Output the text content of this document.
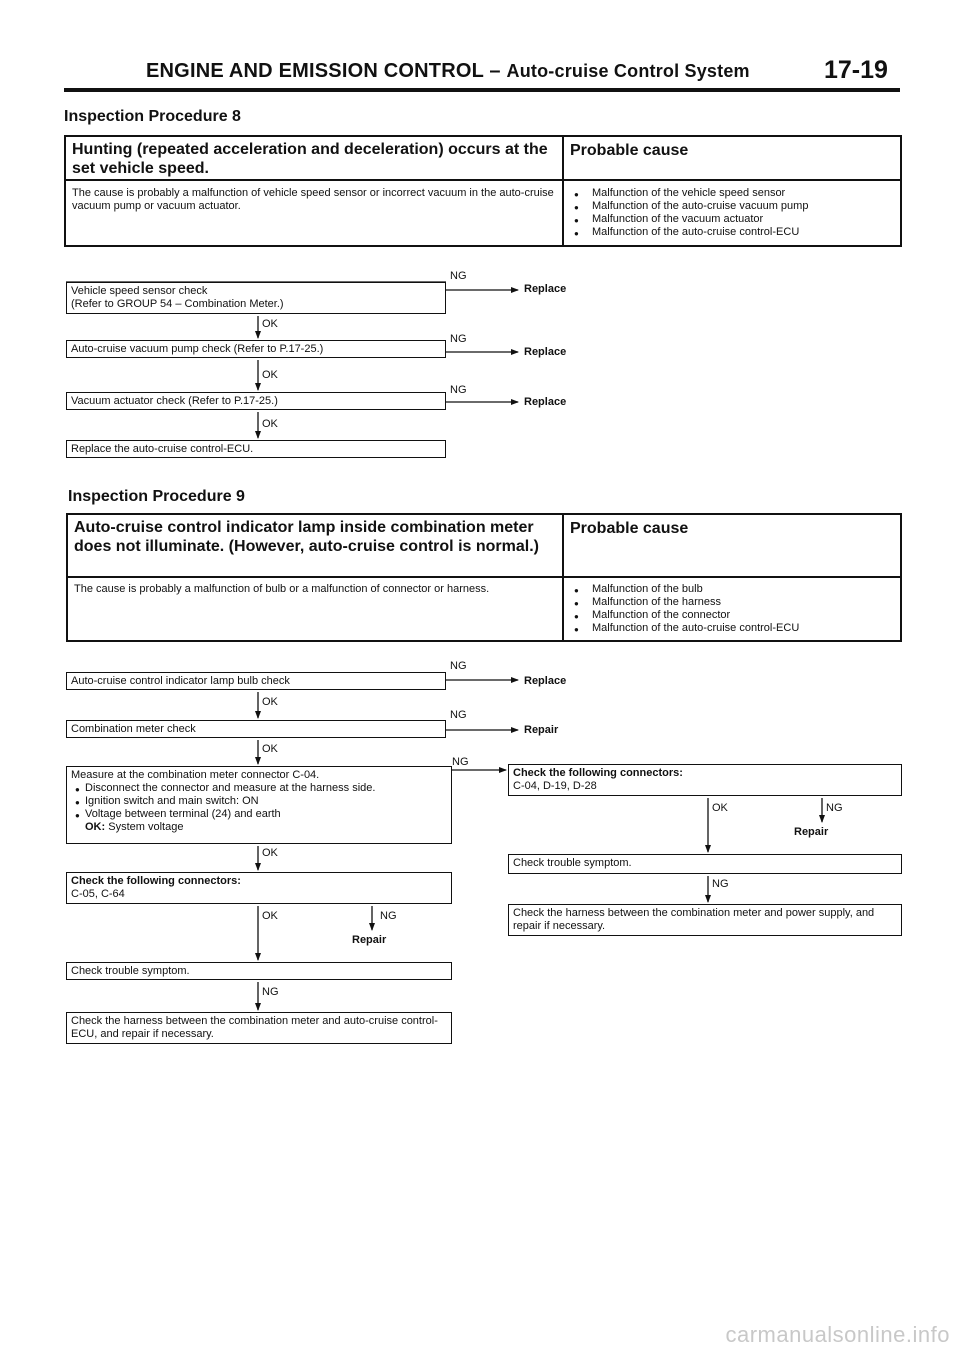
ENGINE AND EMISSION CONTROL – Auto-cruise Control System	17-19
Inspection Procedure 8
Hunting (repeated acceleration and deceleration) occurs at the set vehicle speed.
Probable cause
The cause is probably a malfunction of vehicle speed sensor or incorrect vacuum in the auto-cruise vacuum pump or vacuum actuator.
● Malfunction of the vehicle speed sensor
● Malfunction of the auto-cruise vacuum pump
● Malfunction of the vacuum actuator
● Malfunction of the auto-cruise control-ECU
Vehicle speed sensor check
(Refer to GROUP 54 – Combination Meter.)
Auto-cruise vacuum pump check (Refer to P.17-25.)
Vacuum actuator check (Refer to P.17-25.)
Replace the auto-cruise control-ECU.
NG
NG
NG
Replace
Replace
Replace
OK
OK
OK
Inspection Procedure 9
Auto-cruise control indicator lamp inside combination meter does not illuminate. (However, auto-cruise control is normal.)
Probable cause
The cause is probably a malfunction of bulb or a malfunction of connector or harness.
●	Malfunction of the bulb
● Malfunction of the harness
● Malfunction of the connector
● Malfunction of the auto-cruise control-ECU
Auto-cruise control indicator lamp bulb check
Combination meter check
Measure at the combination meter connector C-04.
● Disconnect the connector and measure at the harness side.
● Ignition switch and main switch: ON
● Voltage between terminal (24) and earth
OK: System voltage
Check the following connectors:
C-05, C-64
Check trouble symptom.
Check the harness between the combination meter and auto-cruise control-ECU, and repair if necessary.
Check the following connectors:
C-04, D-19, D-28
Check trouble symptom.
Check the harness between the combination meter and power supply, and repair if necessary.
NG
NG
NG
Replace
Repair
OK
OK
OK
OK	NG
Repair
OK	NG
Repair
NG
NG
carmanualsonline.info
